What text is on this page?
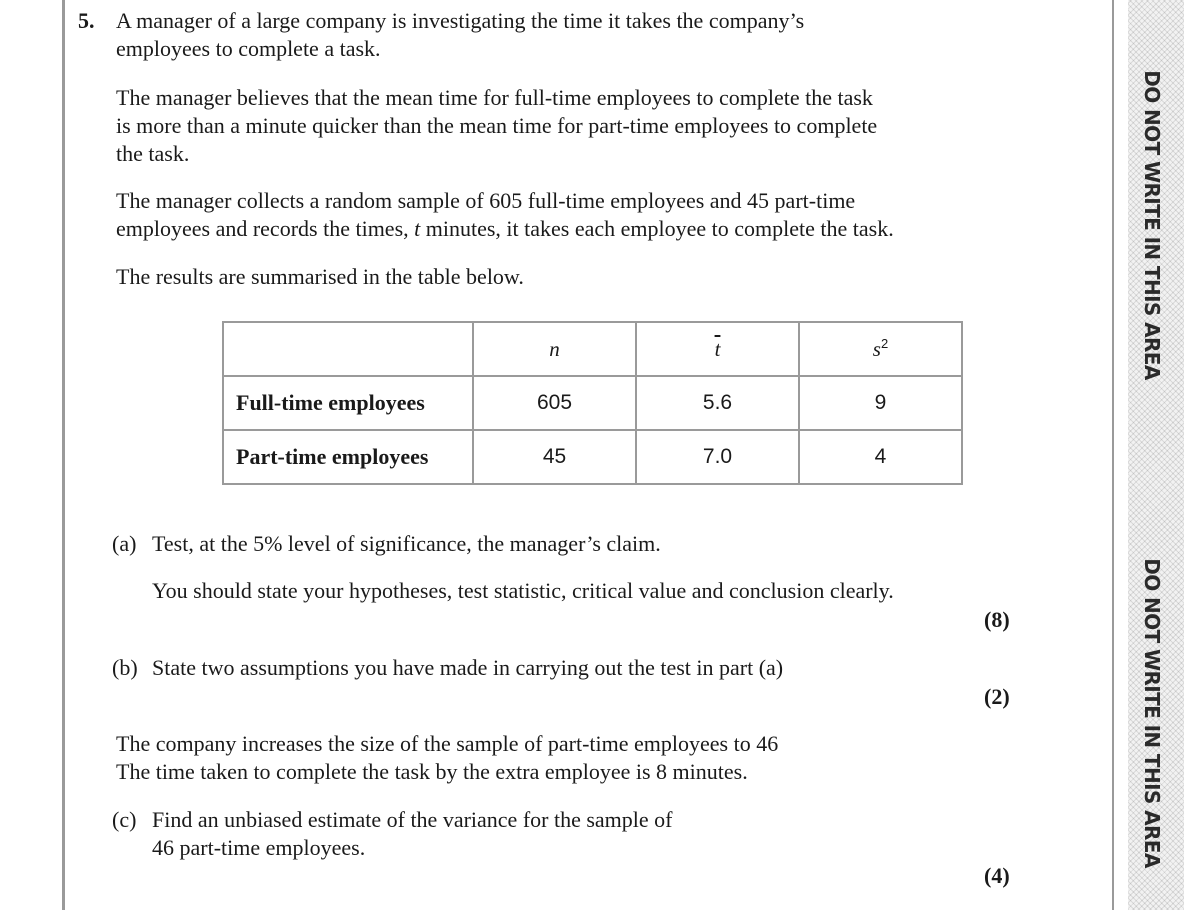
DO NOT WRITE IN THIS AREA
DO NOT WRITE IN THIS AREA
5. A manager of a large company is investigating the time it takes the company’s
employees to complete a task.
The manager believes that the mean time for full-time employees to complete the task
is more than a minute quicker than the mean time for part-time employees to complete
the task.
The manager collects a random sample of 605 full-time employees and 45 part-time
employees and records the times, t minutes, it takes each employee to complete the task.
The results are summarised in the table below.
	n	$\overline{t}$	$s^2$
Full-time employees	605	5.6	9
Part-time employees	45	7.0	4
(a) Test, at the 5% level of significance, the manager’s claim.
You should state your hypotheses, test statistic, critical value and conclusion clearly.
(8)
(b) State two assumptions you have made in carrying out the test in part (a)
(2)
The company increases the size of the sample of part-time employees to 46
The time taken to complete the task by the extra employee is 8 minutes.
(c) Find an unbiased estimate of the variance for the sample of
46 part-time employees.
(4)
